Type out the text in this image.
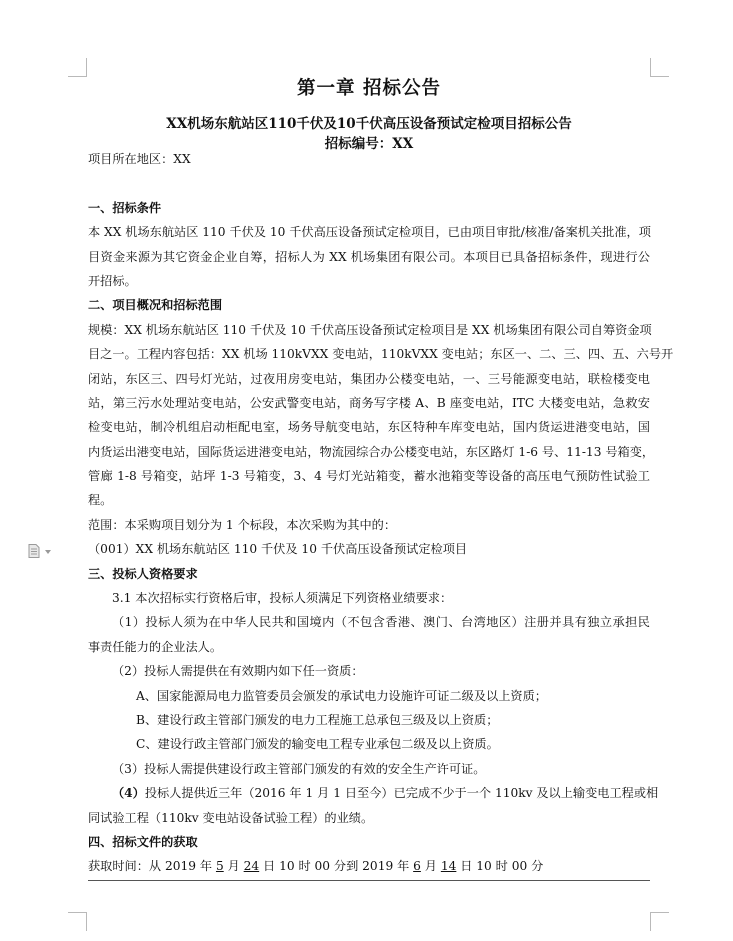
第一章 招标公告
XX机场东航站区110千伏及10千伏高压设备预试定检项目招标公告
招标编号：XX
项目所在地区：XX
一、招标条件
本 XX 机场东航站区 110 千伏及 10 千伏高压设备预试定检项目，已由项目审批/核准/备案机关批准，项
目资金来源为其它资金企业自筹，招标人为 XX 机场集团有限公司。本项目已具备招标条件，现进行公
开招标。
二、项目概况和招标范围
规模：XX 机场东航站区 110 千伏及 10 千伏高压设备预试定检项目是 XX 机场集团有限公司自筹资金项
目之一。工程内容包括：XX 机场 110kVXX 变电站，110kVXX 变电站；东区一、二、三、四、五、六号开
闭站，东区三、四号灯光站，过夜用房变电站，集团办公楼变电站，一、三号能源变电站，联检楼变电
站，第三污水处理站变电站，公安武警变电站，商务写字楼 A、B 座变电站，ITC 大楼变电站，急救安
检变电站，制冷机组启动柜配电室，场务导航变电站，东区特种车库变电站，国内货运进港变电站，国
内货运出港变电站，国际货运进港变电站，物流园综合办公楼变电站，东区路灯 1-6 号、11-13 号箱变，
管廊 1-8 号箱变，站坪 1-3 号箱变，3、4 号灯光站箱变，蓄水池箱变等设备的高压电气预防性试验工
程。
范围：本采购项目划分为 1 个标段，本次采购为其中的：
（001）XX 机场东航站区 110 千伏及 10 千伏高压设备预试定检项目
三、投标人资格要求
3.1 本次招标实行资格后审，投标人须满足下列资格业绩要求：
（1）投标人须为在中华人民共和国境内（不包含香港、澳门、台湾地区）注册并具有独立承担民
事责任能力的企业法人。
（2）投标人需提供在有效期内如下任一资质：
A、国家能源局电力监管委员会颁发的承试电力设施许可证二级及以上资质；
B、建设行政主管部门颁发的电力工程施工总承包三级及以上资质；
C、建设行政主管部门颁发的输变电工程专业承包二级及以上资质。
（3）投标人需提供建设行政主管部门颁发的有效的安全生产许可证。
（4）投标人提供近三年（2016 年 1 月 1 日至今）已完成不少于一个 110kv 及以上输变电工程或相
同试验工程（110kv 变电站设备试验工程）的业绩。
四、招标文件的获取
获取时间：从 2019 年 5 月 24 日 10 时 00 分到 2019 年 6 月 14 日 10 时 00 分
